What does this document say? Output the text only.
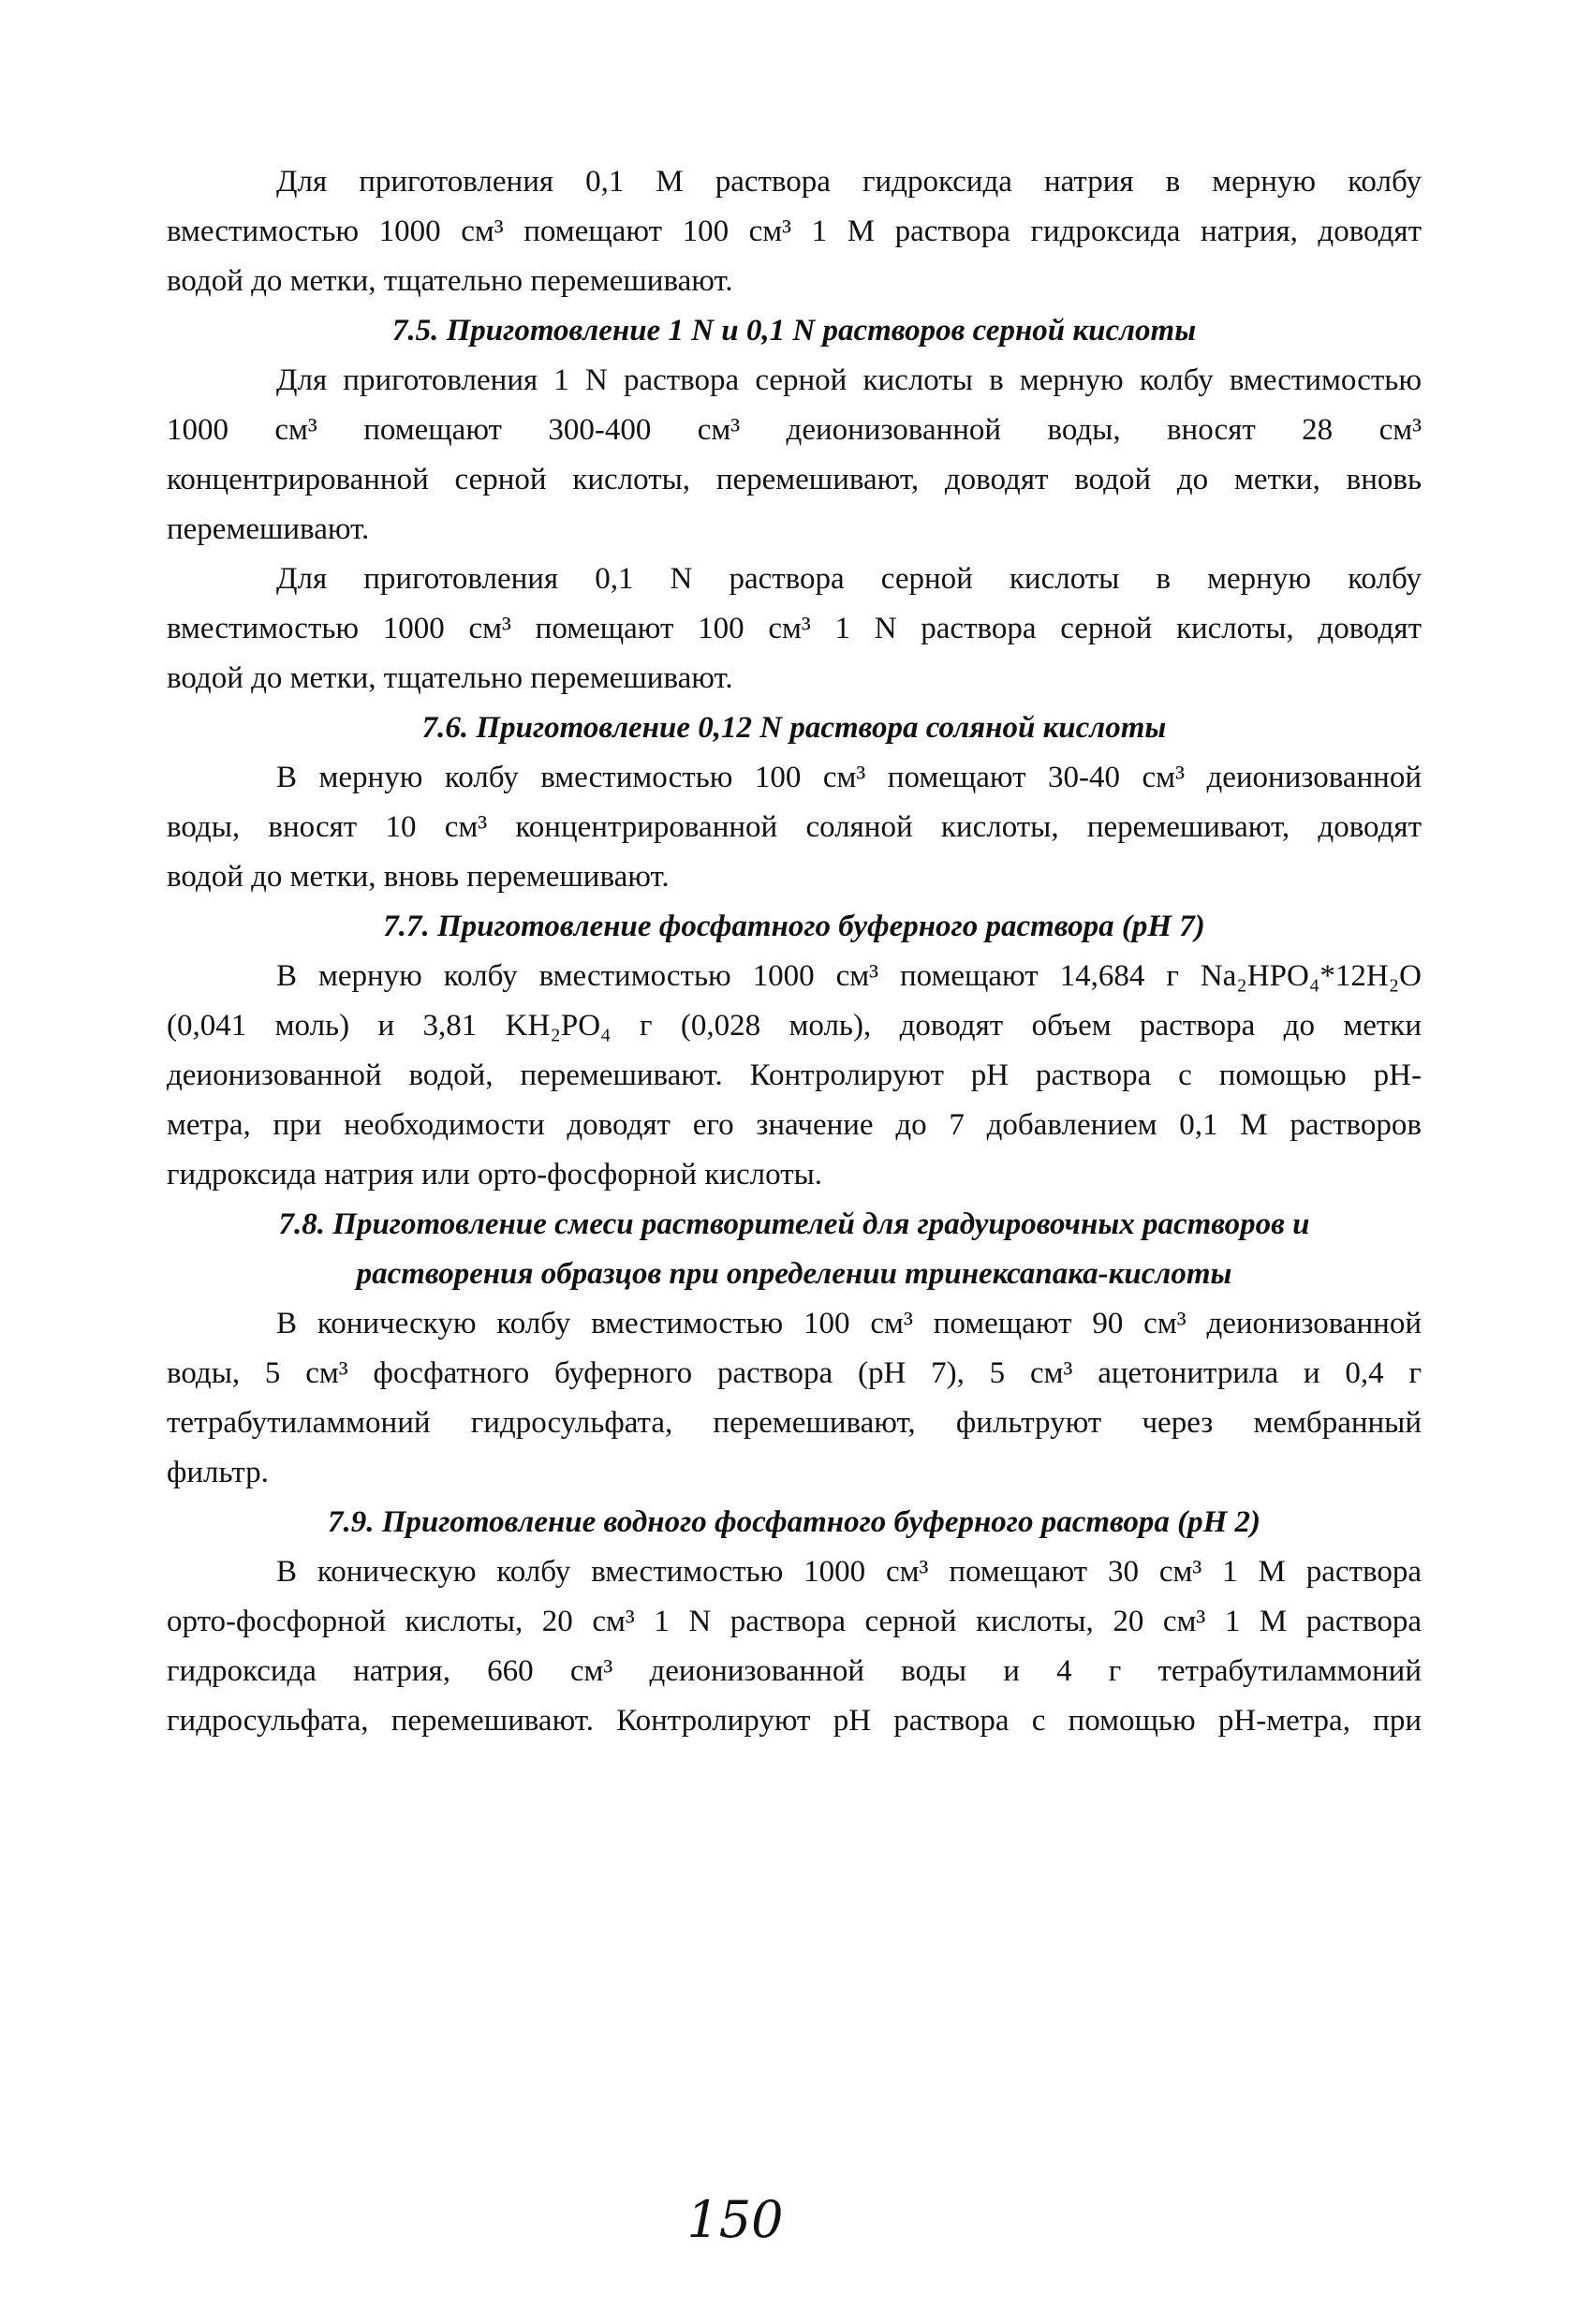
Для приготовления 0,1 М раствора гидроксида натрия в мерную колбу
вместимостью 1000 см³ помещают 100 см³ 1 М раствора гидроксида натрия, доводят
водой до метки, тщательно перемешивают.
7.5. Приготовление 1 N и 0,1 N растворов серной кислоты
Для приготовления 1 N раствора серной кислоты в мерную колбу вместимостью
1000 см³ помещают 300-400 см³ деионизованной воды, вносят 28 см³
концентрированной серной кислоты, перемешивают, доводят водой до метки, вновь
перемешивают.
Для приготовления 0,1 N раствора серной кислоты в мерную колбу
вместимостью 1000 см³ помещают 100 см³ 1 N раствора серной кислоты, доводят
водой до метки, тщательно перемешивают.
7.6. Приготовление 0,12 N раствора соляной кислоты
В мерную колбу вместимостью 100 см³ помещают 30-40 см³ деионизованной
воды, вносят 10 см³ концентрированной соляной кислоты, перемешивают, доводят
водой до метки, вновь перемешивают.
7.7. Приготовление фосфатного буферного раствора (pH 7)
В мерную колбу вместимостью 1000 см³ помещают 14,684 г Na₂HPO₄*12H₂O
(0,041 моль) и 3,81 KH₂PO₄ г (0,028 моль), доводят объем раствора до метки
деионизованной водой, перемешивают. Контролируют pH раствора с помощью pH-
метра, при необходимости доводят его значение до 7 добавлением 0,1 М растворов
гидроксида натрия или орто-фосфорной кислоты.
7.8. Приготовление смеси растворителей для градуировочных растворов и
растворения образцов при определении тринексапака-кислоты
В коническую колбу вместимостью 100 см³ помещают 90 см³ деионизованной
воды, 5 см³ фосфатного буферного раствора (pH 7), 5 см³ ацетонитрила и 0,4 г
тетрабутиламмоний гидросульфата, перемешивают, фильтруют через мембранный
фильтр.
7.9. Приготовление водного фосфатного буферного раствора (pH 2)
В коническую колбу вместимостью 1000 см³ помещают 30 см³ 1 М раствора
орто-фосфорной кислоты, 20 см³ 1 N раствора серной кислоты, 20 см³ 1 М раствора
гидроксида натрия, 660 см³ деионизованной воды и 4 г тетрабутиламмоний
гидросульфата, перемешивают. Контролируют pH раствора с помощью pH-метра, при
150
